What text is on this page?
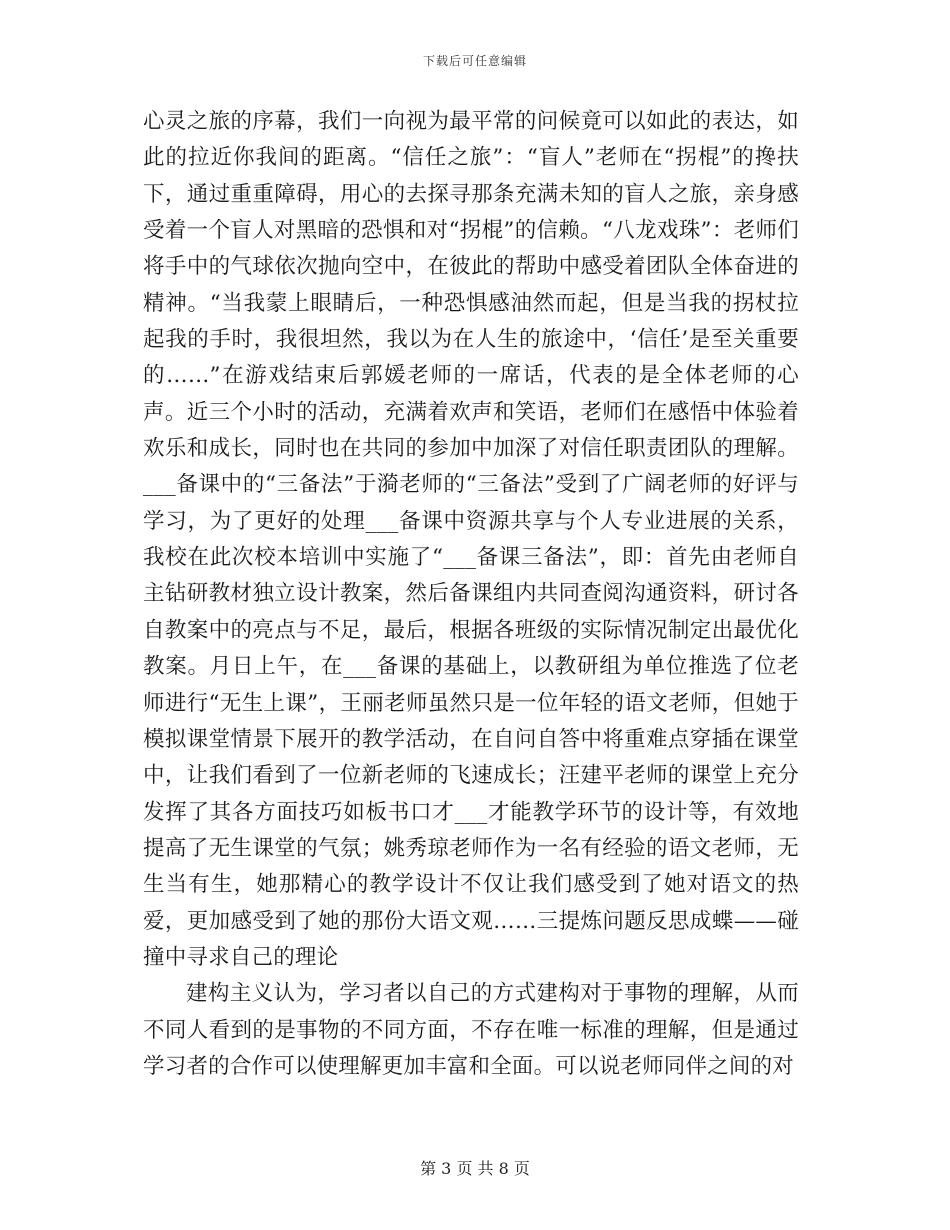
下载后可任意编辑

心灵之旅的序幕，我们一向视为最平常的问候竟可以如此的表达，如此的拉近你我间的距离。“信任之旅”：“盲人”老师在“拐棍”的搀扶下，通过重重障碍，用心的去探寻那条充满未知的盲人之旅，亲身感受着一个盲人对黑暗的恐惧和对“拐棍”的信赖。“八龙戏珠”：老师们将手中的气球依次抛向空中，在彼此的帮助中感受着团队全体奋进的精神。“当我蒙上眼睛后，一种恐惧感油然而起，但是当我的拐杖拉起我的手时，我很坦然，我以为在人生的旅途中，‘信任’是至关重要的……”在游戏结束后郭媛老师的一席话，代表的是全体老师的心声。近三个小时的活动，充满着欢声和笑语，老师们在感悟中体验着欢乐和成长，同时也在共同的参加中加深了对信任职责团队的理解。___备课中的“三备法”于漪老师的“三备法”受到了广阔老师的好评与学习，为了更好的处理___备课中资源共享与个人专业进展的关系，我校在此次校本培训中实施了“___备课三备法”，即：首先由老师自主钻研教材独立设计教案，然后备课组内共同查阅沟通资料，研讨各自教案中的亮点与不足，最后，根据各班级的实际情况制定出最优化教案。月日上午，在___备课的基础上，以教研组为单位推选了位老师进行“无生上课”，王丽老师虽然只是一位年轻的语文老师，但她于模拟课堂情景下展开的教学活动，在自问自答中将重难点穿插在课堂中，让我们看到了一位新老师的飞速成长；汪建平老师的课堂上充分发挥了其各方面技巧如板书口才___才能教学环节的设计等，有效地提高了无生课堂的气氛；姚秀琼老师作为一名有经验的语文老师，无生当有生，她那精心的教学设计不仅让我们感受到了她对语文的热爱，更加感受到了她的那份大语文观……三提炼问题反思成蝶——碰撞中寻求自己的理论

建构主义认为，学习者以自己的方式建构对于事物的理解，从而不同人看到的是事物的不同方面，不存在唯一标准的理解，但是通过学习者的合作可以使理解更加丰富和全面。可以说老师同伴之间的对

第 3 页 共 8 页
